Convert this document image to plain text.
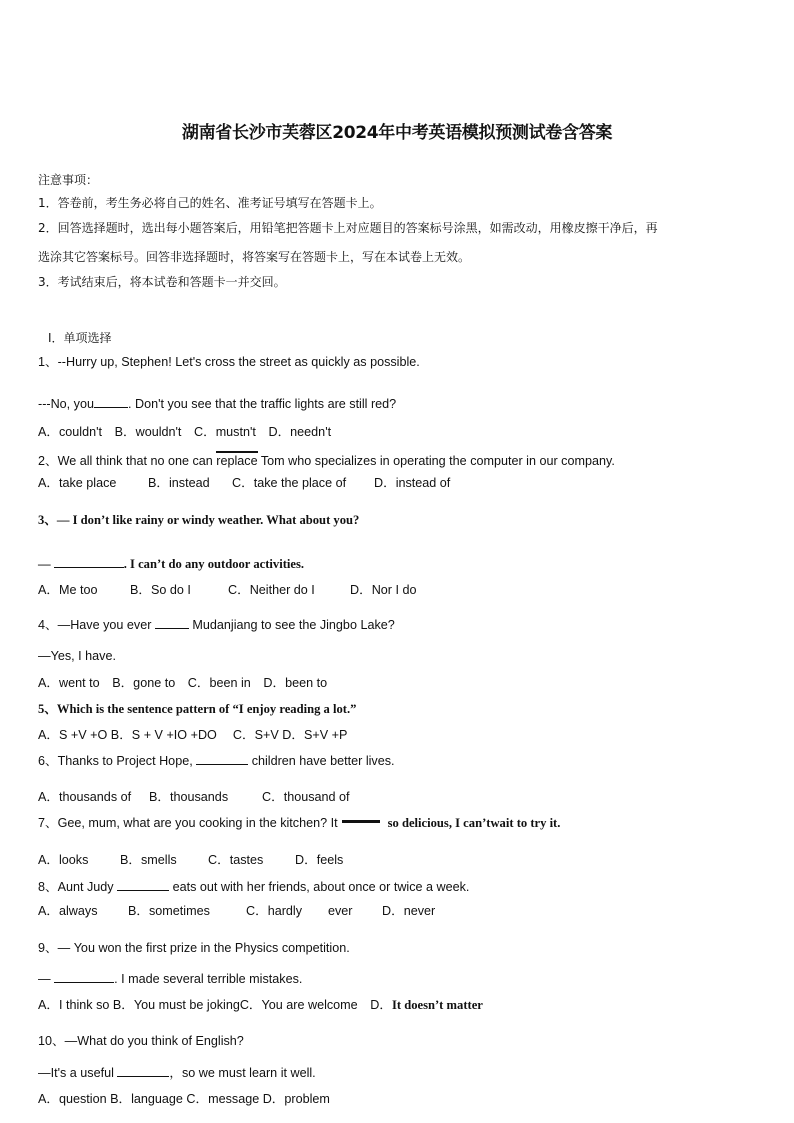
湖南省长沙市芙蓉区2024年中考英语模拟预测试卷含答案
注意事项：
1．答卷前，考生务必将自己的姓名、准考证号填写在答题卡上。
2．回答选择题时，选出每小题答案后，用铅笔把答题卡上对应题目的答案标号涂黑，如需改动，用橡皮擦干净后，再
选涂其它答案标号。回答非选择题时，将答案写在答题卡上，写在本试卷上无效。
3．考试结束后，将本试卷和答题卡一并交回。
Ⅰ．单项选择
1、--Hurry up, Stephen! Let's cross the street as quickly as possible.
---No, you	. Don't you see that the traffic lights are still red?
A．couldn't　B．wouldn't　C．mustn't　D．needn't
2、We all think that no one can replace Tom who specializes in operating the computer in our company.
A．take place	B．instead C．take the place of D．instead of
3、— I don’t like rainy or windy weather. What about you?
—	. I can’t do any outdoor activities.
A．Me too	B．So do I	C．Neither do I	D．Nor I do
4、—Have you ever	Mudanjiang to see the Jingbo Lake?
—Yes, I have.
A．went to　B．gone to　C．been in　D．been to
5、Which is the sentence pattern of “I enjoy reading a lot.”
A．S +V +O B．S + V +IO +DO　 C．S+V D．S+V +P
6、Thanks to Project Hope,	children have better lives.
A．thousands of B．thousands	C．thousand of
7、Gee, mum, what are you cooking in the kitchen? It	so delicious, I can’twait to try it.
A．looks	B．smells C．tastes	D．feels
8、Aunt Judy	eats out with her friends, about once or twice a week.
A．always B．sometimes	C．hardly ever D．never
9、— You won the first prize in the Physics competition.
—	. I made several terrible mistakes.
A．I think so B．You must be jokingC．You are welcome　D．It doesn’t matter
10、—What do you think of English?
—It's a useful	，so we must learn it well.
A．question B．language C．message D．problem
